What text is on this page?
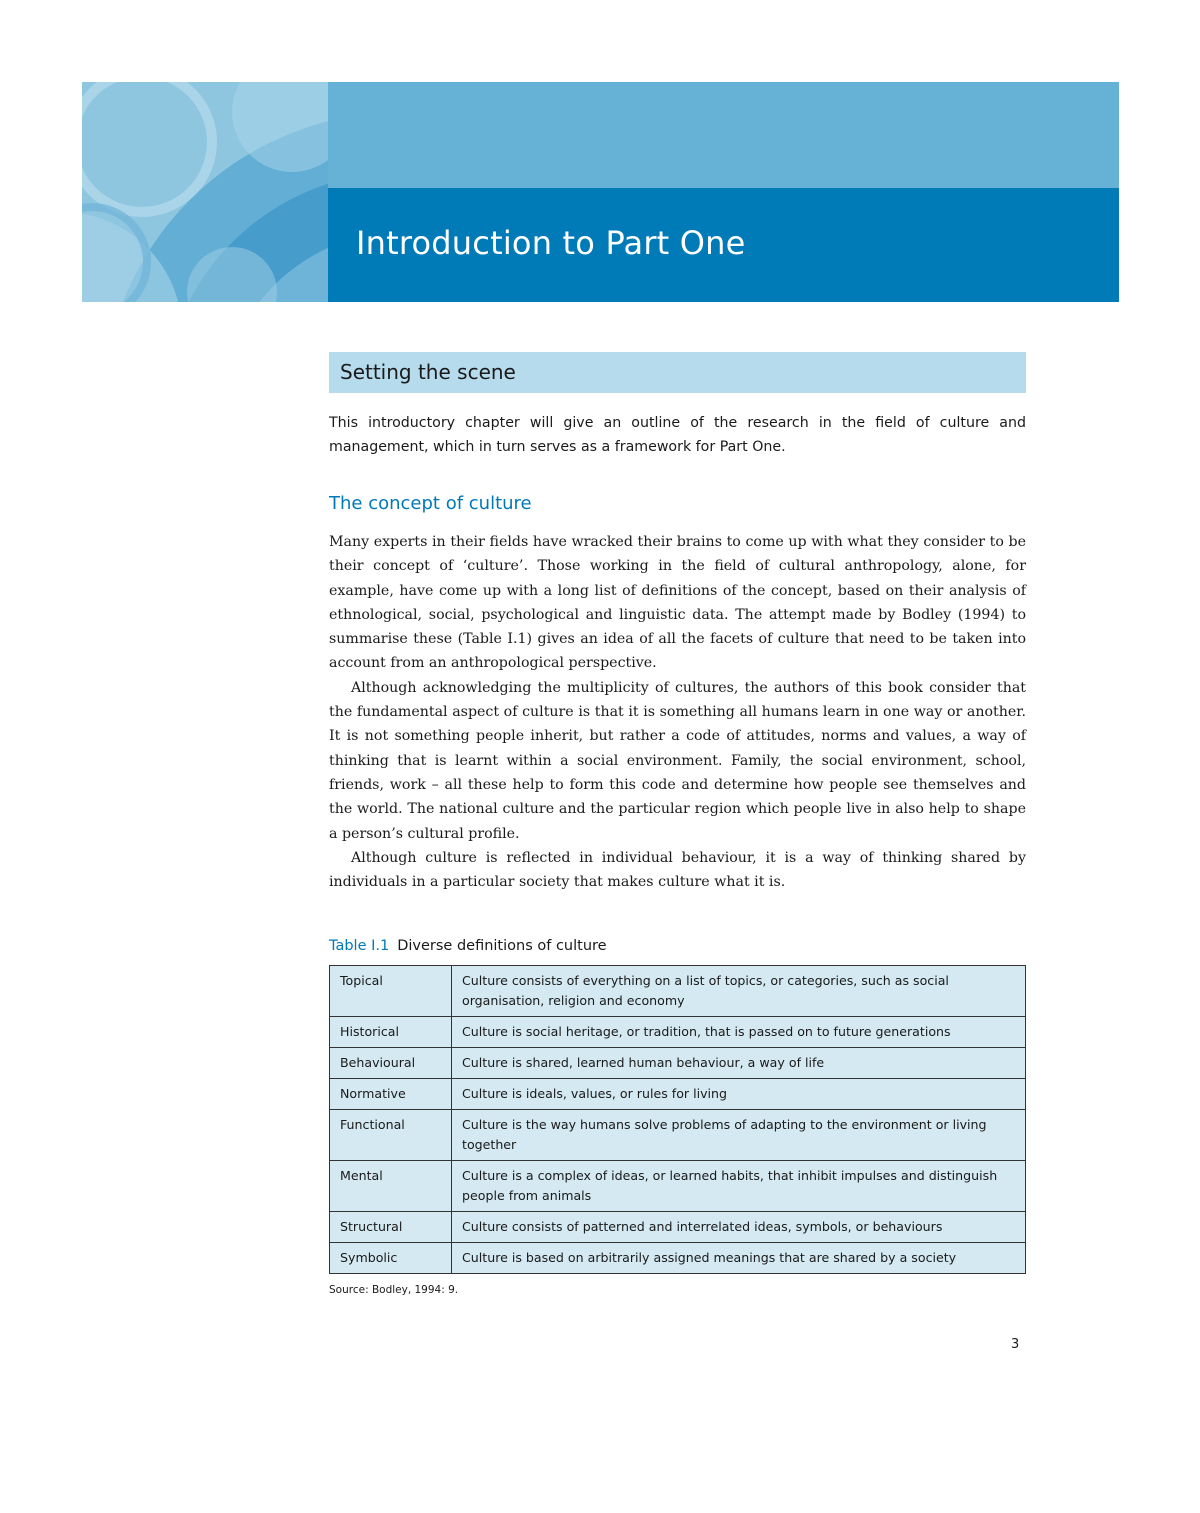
Introduction to Part One
Setting the scene

This introductory chapter will give an outline of the research in the field of culture and management, which in turn serves as a framework for Part One.

The concept of culture

Many experts in their fields have wracked their brains to come up with what they consider to be their concept of ‘culture’. Those working in the field of cultural anthropology, alone, for example, have come up with a long list of definitions of the concept, based on their analysis of ethnological, social, psychological and linguistic data. The attempt made by Bodley (1994) to summarise these (Table I.1) gives an idea of all the facets of culture that need to be taken into account from an anthropological perspective.

Although acknowledging the multiplicity of cultures, the authors of this book consider that the fundamental aspect of culture is that it is something all humans learn in one way or another. It is not something people inherit, but rather a code of attitudes, norms and values, a way of thinking that is learnt within a social environment. Family, the social environment, school, friends, work – all these help to form this code and determine how people see themselves and the world. The national culture and the particular region which people live in also help to shape a person’s cultural profile.

Although culture is reflected in individual behaviour, it is a way of thinking shared by individuals in a particular society that makes culture what it is.

Table I.1 Diverse definitions of culture

Topical	Culture consists of everything on a list of topics, or categories, such as social organisation, religion and economy
Historical	Culture is social heritage, or tradition, that is passed on to future generations
Behavioural	Culture is shared, learned human behaviour, a way of life
Normative	Culture is ideals, values, or rules for living
Functional	Culture is the way humans solve problems of adapting to the environment or living together
Mental	Culture is a complex of ideas, or learned habits, that inhibit impulses and distinguish people from animals
Structural	Culture consists of patterned and interrelated ideas, symbols, or behaviours
Symbolic	Culture is based on arbitrarily assigned meanings that are shared by a society

Source: Bodley, 1994: 9.

3
